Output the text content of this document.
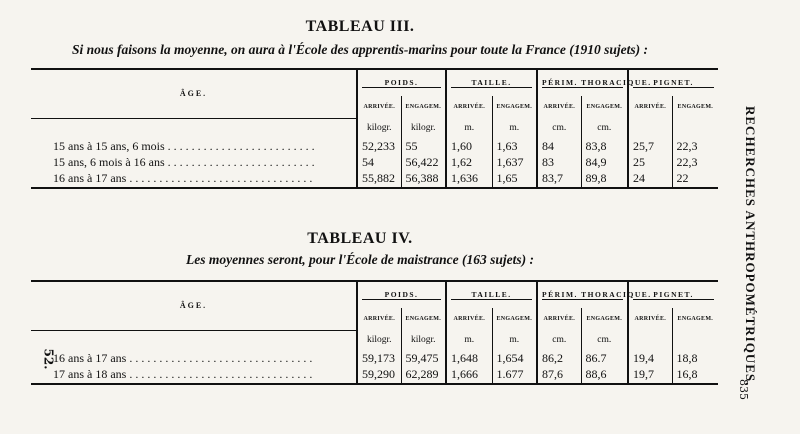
TABLEAU III.
Si nous faisons la moyenne, on aura à l'École des apprentis-marins pour toute la France (1910 sujets) :
ÂGE.	POIDS.		TAILLE.		PÉRIM. THORACIQUE.		PIGNET.	

	ARRIVÉE.	ENGAGEM.	ARRIVÉE.	ENGAGEM.	ARRIVÉE.	ENGAGEM.	ARRIVÉE.	ENGAGEM.
	kilogr.	kilogr.	m.	m.	cm.	cm.		
15 ans à 15 ans, 6 mois . . . . . . . . . . . . . . . . . . . . . . . . .	52,233	55	1,60	1,63	84	83,8	25,7	22,3
15 ans, 6 mois à 16 ans . . . . . . . . . . . . . . . . . . . . . . . . .	54	56,422	1,62	1,637	83	84,9	25	22,3
16 ans à 17 ans . . . . . . . . . . . . . . . . . . . . . . . . . . . . . . .	55,882	56,388	1,636	1,65	83,7	89,8	24	22
TABLEAU IV.
Les moyennes seront, pour l'École de maistrance (163 sujets) :
ÂGE.	POIDS.		TAILLE.		PÉRIM. THORACIQUE.		PIGNET.	

	ARRIVÉE.	ENGAGEM.	ARRIVÉE.	ENGAGEM.	ARRIVÉE.	ENGAGEM.	ARRIVÉE.	ENGAGEM.
	kilogr.	kilogr.	m.	m.	cm.	cm.		
16 ans à 17 ans . . . . . . . . . . . . . . . . . . . . . . . . . . . . . . .	59,173	59,475	1,648	1,654	86,2	86.7	19,4	18,8
17 ans à 18 ans . . . . . . . . . . . . . . . . . . . . . . . . . . . . . . .	59,290	62,289	1,666	1.677	87,6	88,6	19,7	16,8	RECHERCHES ANTHROPOMÉTRIQUES.
835
52.
